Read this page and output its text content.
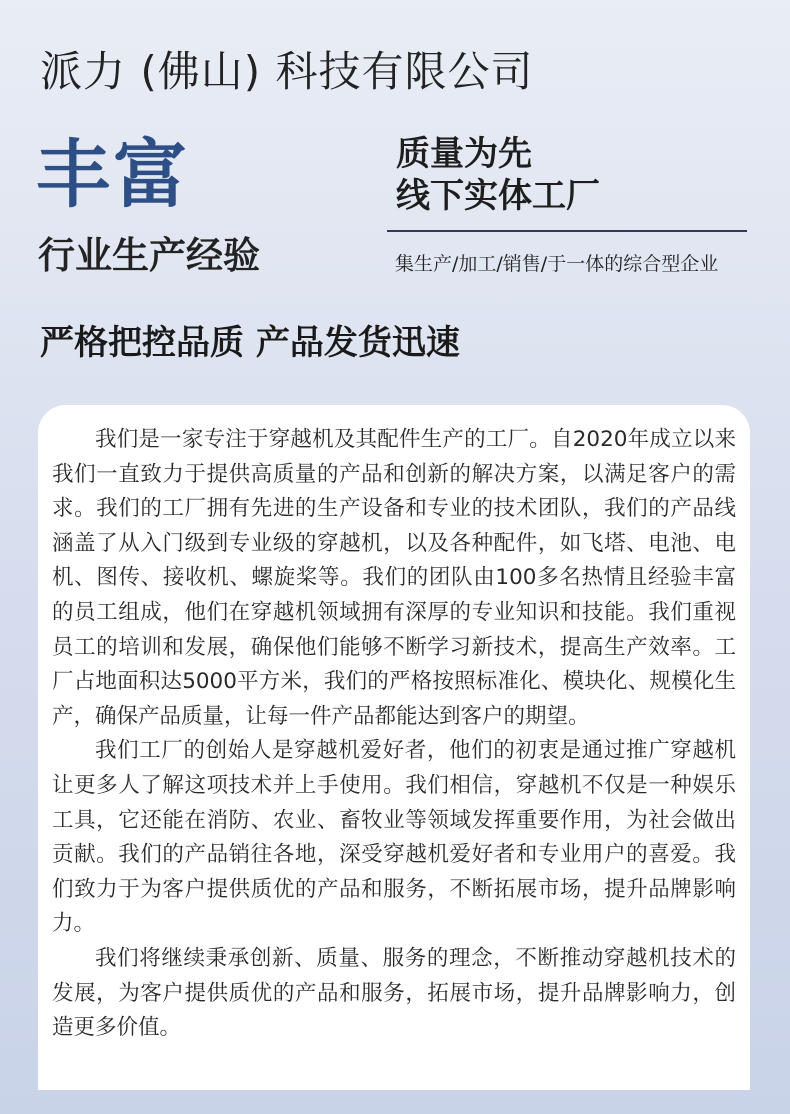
派力 (佛山) 科技有限公司
丰富
行业生产经验
质量为先
线下实体工厂
集生产/加工/销售/于一体的综合型企业
严格把控品质 产品发货迅速

我们是一家专注于穿越机及其配件生产的工厂。自2020年成立以来我们一直致力于提供高质量的产品和创新的解决方案，以满足客户的需求。我们的工厂拥有先进的生产设备和专业的技术团队，我们的产品线涵盖了从入门级到专业级的穿越机，以及各种配件，如飞塔、电池、电机、图传、接收机、螺旋桨等。我们的团队由100多名热情且经验丰富的员工组成，他们在穿越机领域拥有深厚的专业知识和技能。我们重视员工的培训和发展，确保他们能够不断学习新技术，提高生产效率。工厂占地面积达5000平方米，我们的严格按照标准化、模块化、规模化生产，确保产品质量，让每一件产品都能达到客户的期望。

我们工厂的创始人是穿越机爱好者，他们的初衷是通过推广穿越机让更多人了解这项技术并上手使用。我们相信，穿越机不仅是一种娱乐工具，它还能在消防、农业、畜牧业等领域发挥重要作用，为社会做出贡献。我们的产品销往各地，深受穿越机爱好者和专业用户的喜爱。我们致力于为客户提供质优的产品和服务，不断拓展市场，提升品牌影响力。

我们将继续秉承创新、质量、服务的理念，不断推动穿越机技术的发展，为客户提供质优的产品和服务，拓展市场，提升品牌影响力，创造更多价值。
